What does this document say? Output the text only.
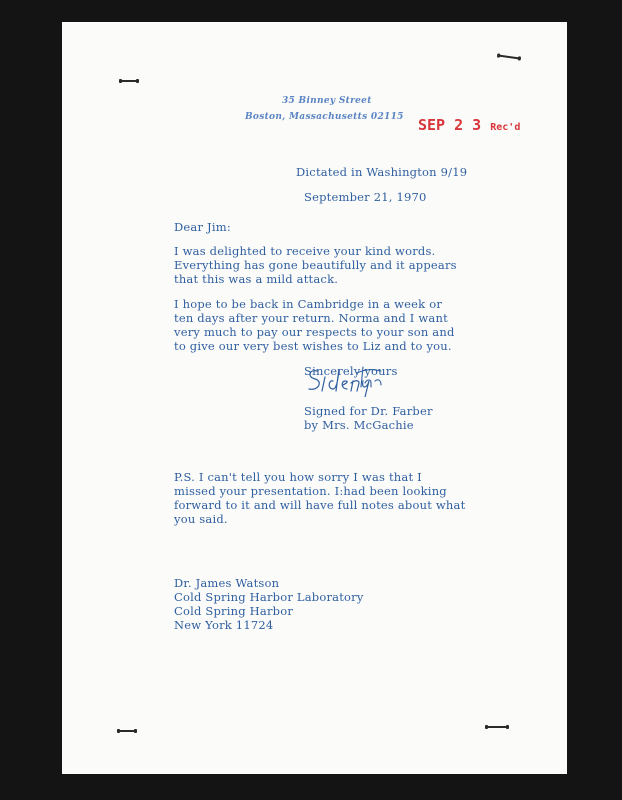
35 Binney Street
Boston, Massachusetts 02115 SEP 2 3 Rec'd
Dictated in Washington 9/19
September 21, 1970
Dear Jim:
I was delighted to receive your kind words.
Everything has gone beautifully and it appears
that this was a mild attack.
I hope to be back in Cambridge in a week or
ten days after your return. Norma and I want
very much to pay our respects to your son and
to give our very best wishes to Liz and to you.
Sincerely yours
Signed for Dr. Farber
by Mrs. McGachie
P.S. I can't tell you how sorry I was that I
missed your presentation. I:had been looking
forward to it and will have full notes about what
you said.
Dr. James Watson
Cold Spring Harbor Laboratory
Cold Spring Harbor
New York 11724
